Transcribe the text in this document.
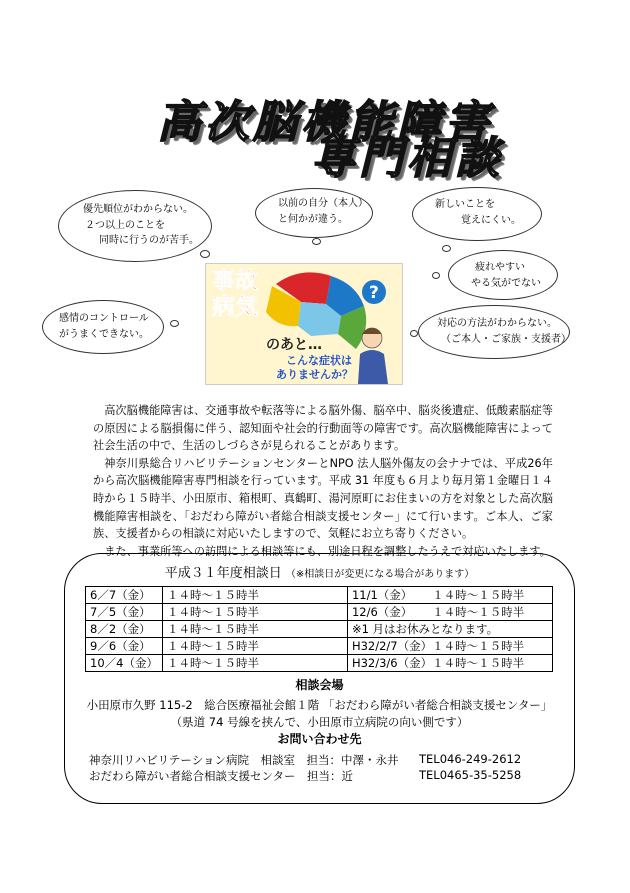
高次脳機能障害
専門相談
優先順位がわからない。
２つ以上のことを
同時に行うのが苦手。
以前の自分（本人）
と何かが違う。
新しいことを
覚えにくい。
疲れやすい
やる気がでない
感情のコントロール
がうまくできない。
対応の方法がわからない。
（ご本人・ご家族・支援者）
?
事故
病気
のあと…
こんな症状は
ありませんか？

高次脳機能障害は、交通事故や転落等による脳外傷、脳卒中、脳炎後遺症、低酸素脳症等の原因による脳損傷に伴う、認知面や社会的行動面等の障害です。高次脳機能障害によって社会生活の中で、生活のしづらさが見られることがあります。

神奈川県総合リハビリテーションセンターとNPO 法人脳外傷友の会ナナでは、平成26年から高次脳機能障害専門相談を行っています。平成 31 年度も６月より毎月第１金曜日１４時から１５時半、小田原市、箱根町、真鶴町、湯河原町にお住まいの方を対象とした高次脳機能障害相談を、「おだわら障がい者総合相談支援センター」にて行います。ご本人、ご家族、支援者からの相談に対応いたしますので、気軽にお立ち寄りください。

また、事業所等への訪問による相談等にも、別途日程を調整したうえで対応いたします。

平成３１年度相談日 （※相談日が変更になる場合があります）
6／7（金）	１４時～１５時半	11/1（金） １４時～１５時半
7／5（金）	１４時～１５時半	12/6（金） １４時～１５時半
8／2（金）	１４時～１５時半	※1 月はお休みとなります。
9／6（金）	１４時～１５時半	H32/2/7（金）１４時～１５時半
10／4（金）	１４時～１５時半	H32/3/6（金）１４時～１５時半
相談会場
小田原市久野 115-2　総合医療福祉会館１階 「おだわら障がい者総合相談支援センター」
（県道 74 号線を挟んで、小田原市立病院の向い側です）
お問い合わせ先
神奈川リハビリテーション病院　相談室　担当：中澤・永井 TEL046-249-2612
おだわら障がい者総合相談支援センター　担当：近	TEL0465-35-5258
